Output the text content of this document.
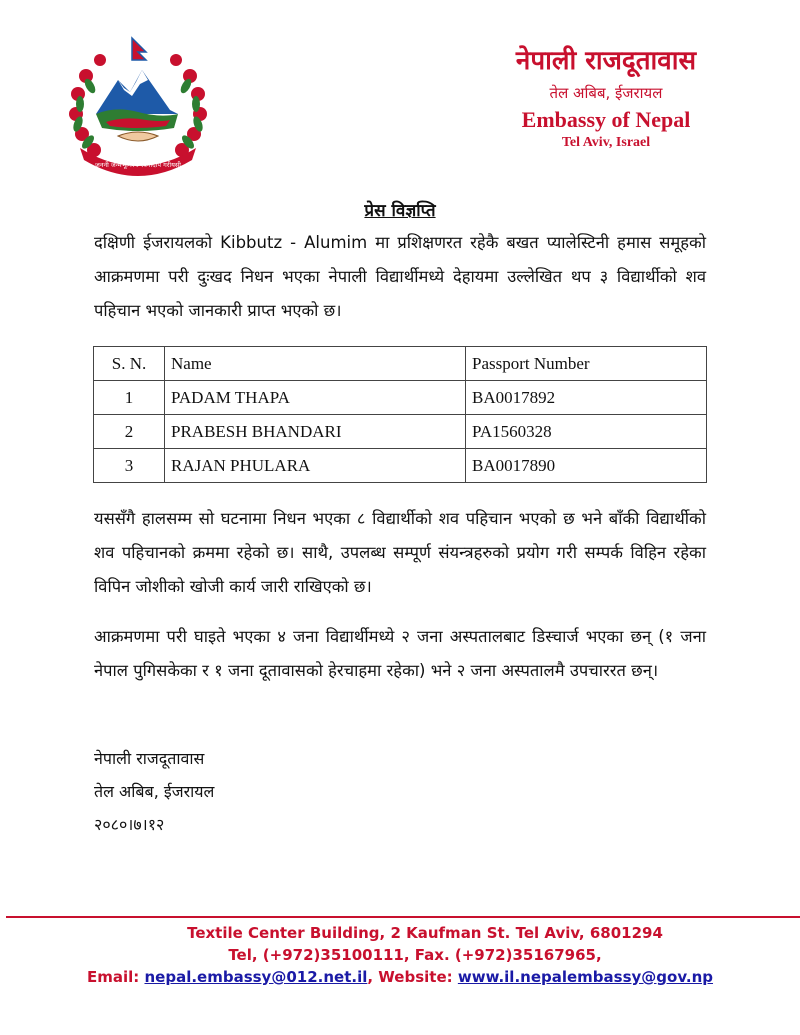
जननी जन्मभूमिश्च स्वर्गादपि गरीयसी
नेपाली राजदूतावास
तेल अबिब, ईजरायल
Embassy of Nepal
Tel Aviv, Israel
प्रेस विज्ञप्ति
दक्षिणी ईजरायलको Kibbutz - Alumim मा प्रशिक्षणरत रहेकै बखत प्यालेस्टिनी हमास समूहको आक्रमणमा परी दुःखद निधन भएका नेपाली विद्यार्थीमध्ये देहायमा उल्लेखित थप ३ विद्यार्थीको शव पहिचान भएको जानकारी प्राप्त भएको छ।
S. N.	Name	Passport Number
1	PADAM THAPA	BA0017892
2	PRABESH BHANDARI	PA1560328
3	RAJAN PHULARA	BA0017890
यससँगै हालसम्म सो घटनामा निधन भएका ८ विद्यार्थीको शव पहिचान भएको छ भने बाँकी विद्यार्थीको शव पहिचानको क्रममा रहेको छ। साथै, उपलब्ध सम्पूर्ण संयन्त्रहरुको प्रयोग गरी सम्पर्क विहिन रहेका विपिन जोशीको खोजी कार्य जारी राखिएको छ।
आक्रमणमा परी घाइते भएका ४ जना विद्यार्थीमध्ये २ जना अस्पतालबाट डिस्चार्ज भएका छन् (१ जना नेपाल पुगिसकेका र १ जना दूतावासको हेरचाहमा रहेका) भने २ जना अस्पतालमै उपचाररत छन्।
नेपाली राजदूतावास
तेल अबिब, ईजरायल
२०८०।७।१२
Textile Center Building, 2 Kaufman St. Tel Aviv, 6801294
Tel, (+972)35100111, Fax. (+972)35167965,
Email: nepal.embassy@012.net.il, Website: www.il.nepalembassy@gov.np
